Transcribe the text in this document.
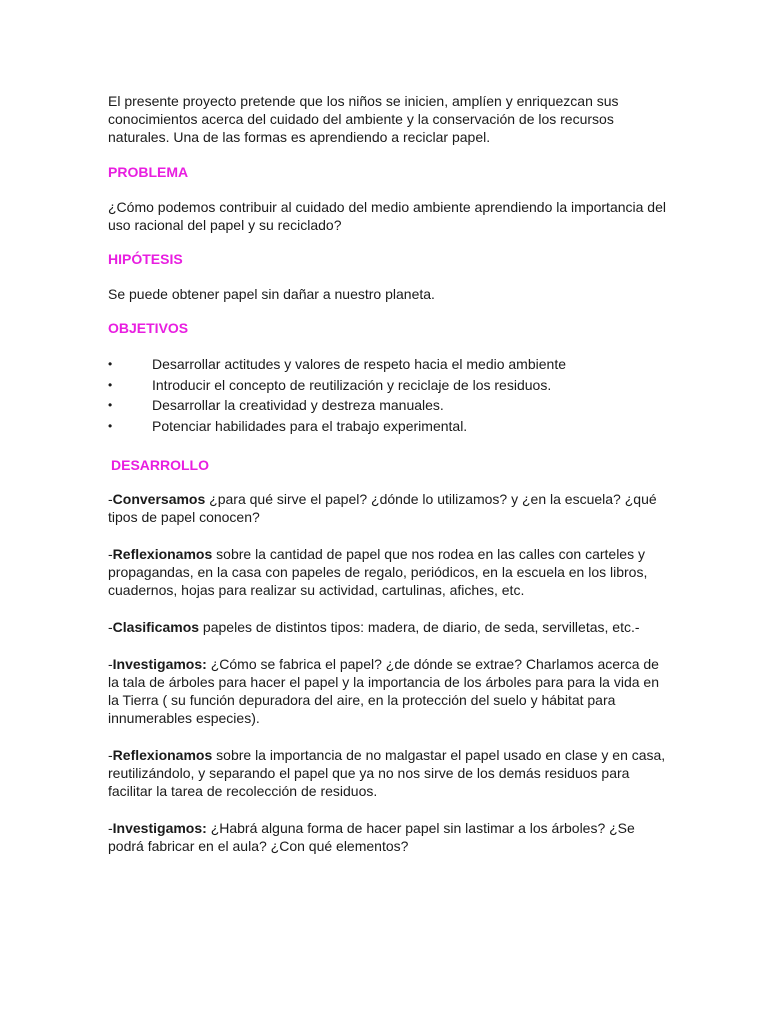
El presente proyecto pretende que los niños se inicien, amplíen y enriquezcan sus conocimientos acerca del cuidado del ambiente y la conservación de los recursos naturales. Una de las formas es aprendiendo a reciclar papel.

PROBLEMA

¿Cómo podemos contribuir al cuidado del medio ambiente aprendiendo la importancia del uso racional del papel y su reciclado?

HIPÓTESIS

Se puede obtener papel sin dañar a nuestro planeta.

OBJETIVOS
•	Desarrollar actitudes y valores de respeto hacia el medio ambiente
•	Introducir el concepto de reutilización y reciclaje de los residuos.
•	Desarrollar la creatividad y destreza manuales.
•	Potenciar habilidades para el trabajo experimental.
DESARROLLO

-Conversamos ¿para qué sirve el papel? ¿dónde lo utilizamos? y ¿en la escuela? ¿qué tipos de papel conocen?

-Reflexionamos sobre la cantidad de papel que nos rodea en las calles con carteles y propagandas, en la casa con papeles de regalo, periódicos, en la escuela en los libros, cuadernos, hojas para realizar su actividad, cartulinas, afiches, etc.

-Clasificamos papeles de distintos tipos: madera, de diario, de seda, servilletas, etc.-

-Investigamos: ¿Cómo se fabrica el papel? ¿de dónde se extrae? Charlamos acerca de la tala de árboles para hacer el papel y la importancia de los árboles para para la vida en la Tierra ( su función depuradora del aire, en la protección del suelo y hábitat para innumerables especies).

-Reflexionamos sobre la importancia de no malgastar el papel usado en clase y en casa, reutilizándolo, y separando el papel que ya no nos sirve de los demás residuos para facilitar la tarea de recolección de residuos.

-Investigamos: ¿Habrá alguna forma de hacer papel sin lastimar a los árboles? ¿Se podrá fabricar en el aula? ¿Con qué elementos?
